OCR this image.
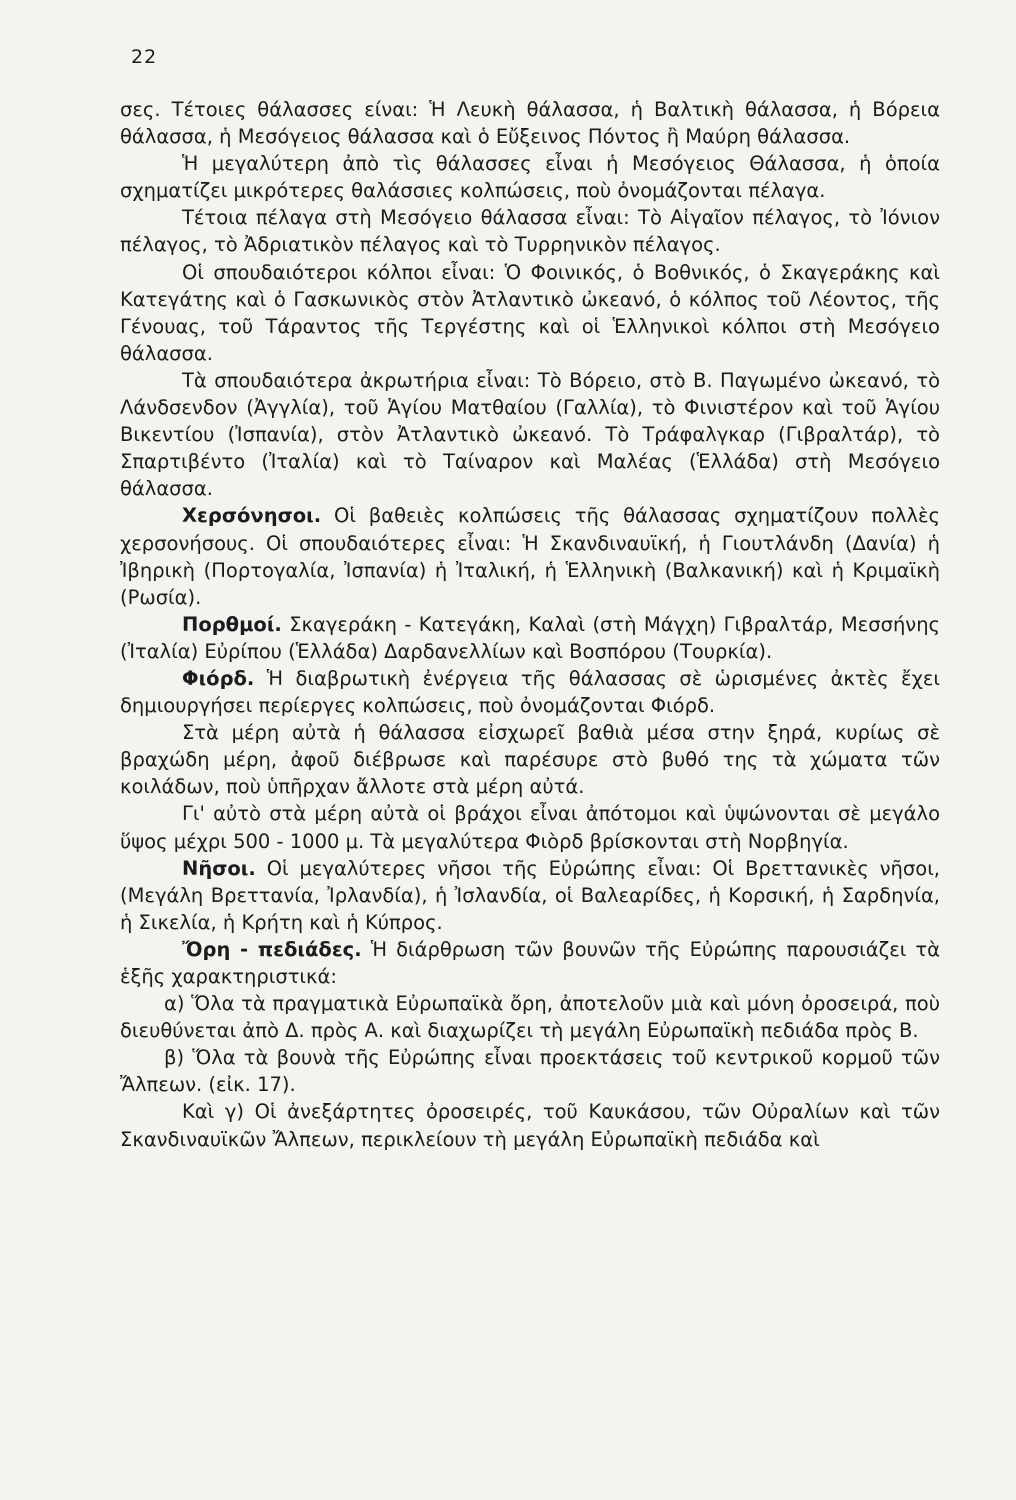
22

σες. Τέτοιες θάλασσες είναι: Ἡ Λευκὴ θάλασσα, ἡ Βαλτικὴ θάλασσα, ἡ Βόρεια θάλασσα, ἡ Μεσόγειος θάλασσα καὶ ὁ Εὔξεινος Πόντος ἢ Μαύρη θάλασσα.

Ἡ μεγαλύτερη ἀπὸ τὶς θάλασσες εἶναι ἡ Μεσόγειος Θάλασσα, ἡ ὁποία σχηματίζει μικρότερες θαλάσσιες κολπώσεις, ποὺ ὀνομάζονται πέλαγα.

Τέτοια πέλαγα στὴ Μεσόγειο θάλασσα εἶναι: Τὸ Αἰγαῖον πέλαγος, τὸ Ἰόνιον πέλαγος, τὸ Ἀδριατικὸν πέλαγος καὶ τὸ Τυρρηνικὸν πέλαγος.

Οἱ σπουδαιότεροι κόλποι εἶναι: Ὁ Φοινικός, ὁ Βοθνικός, ὁ Σκαγεράκης καὶ Κατεγάτης καὶ ὁ Γασκωνικὸς στὸν Ἀτλαντικὸ ὠκεανό, ὁ κόλπος τοῦ Λέοντος, τῆς Γένουας, τοῦ Τάραντος τῆς Τεργέστης καὶ οἱ Ἑλληνικοὶ κόλποι στὴ Μεσόγειο θάλασσα.

Τὰ σπουδαιότερα ἀκρωτήρια εἶναι: Τὸ Βόρειο, στὸ Β. Παγωμένο ὠκεανό, τὸ Λάνδσενδον (Ἀγγλία), τοῦ Ἁγίου Ματθαίου (Γαλλία), τὸ Φινιστέρον καὶ τοῦ Ἁγίου Βικεντίου (Ἰσπανία), στὸν Ἀτλαντικὸ ὠκεανό. Τὸ Τράφαλγκαρ (Γιβραλτάρ), τὸ Σπαρτιβέντο (Ἰταλία) καὶ τὸ Ταίναρον καὶ Μαλέας (Ἑλλάδα) στὴ Μεσόγειο θάλασσα.

Χερσόνησοι. Οἱ βαθειὲς κολπώσεις τῆς θάλασσας σχηματίζουν πολλὲς χερσονήσους. Οἱ σπουδαιότερες εἶναι: Ἡ Σκανδιναυϊκή, ἡ Γιουτλάνδη (Δανία) ἡ Ἰβηρικὴ (Πορτογαλία, Ἰσπανία) ἡ Ἰταλική, ἡ Ἑλληνικὴ (Βαλκανική) καὶ ἡ Κριμαϊκὴ (Ρωσία).

Πορθμοί. Σκαγεράκη - Κατεγάκη, Καλαὶ (στὴ Μάγχη) Γιβραλτάρ, Μεσσήνης (Ἰταλία) Εὐρίπου (Ἑλλάδα) Δαρδανελλίων καὶ Βοσπόρου (Τουρκία).

Φιόρδ. Ἡ διαβρωτικὴ ἐνέργεια τῆς θάλασσας σὲ ὡρισμένες ἀκτὲς ἔχει δημιουργήσει περίεργες κολπώσεις, ποὺ ὀνομάζονται Φιόρδ.

Στὰ μέρη αὐτὰ ἡ θάλασσα εἰσχωρεῖ βαθιὰ μέσα στην ξηρά, κυρίως σὲ βραχώδη μέρη, ἀφοῦ διέβρωσε καὶ παρέσυρε στὸ βυθό της τὰ χώματα τῶν κοιλάδων, ποὺ ὑπῆρχαν ἄλλοτε στὰ μέρη αὐτά.

Γι' αὐτὸ στὰ μέρη αὐτὰ οἱ βράχοι εἶναι ἀπότομοι καὶ ὑψώνονται σὲ μεγάλο ὕψος μέχρι 500 - 1000 μ. Τὰ μεγαλύτερα Φιὸρδ βρίσκονται στὴ Νορβηγία.

Νῆσοι. Οἱ μεγαλύτερες νῆσοι τῆς Εὐρώπης εἶναι: Οἱ Βρεττανικὲς νῆσοι, (Μεγάλη Βρεττανία, Ἰρλανδία), ἡ Ἰσλανδία, οἱ Βαλεαρίδες, ἡ Κορσική, ἡ Σαρδηνία, ἡ Σικελία, ἡ Κρήτη καὶ ἡ Κύπρος.

Ὄρη - πεδιάδες. Ἡ διάρθρωση τῶν βουνῶν τῆς Εὐρώπης παρουσιάζει τὰ ἑξῆς χαρακτηριστικά:

α) Ὅλα τὰ πραγματικὰ Εὐρωπαϊκὰ ὄρη, ἀποτελοῦν μιὰ καὶ μόνη ὀροσειρά, ποὺ διευθύνεται ἀπὸ Δ. πρὸς Α. καὶ διαχωρίζει τὴ μεγάλη Εὐρωπαϊκὴ πεδιάδα πρὸς Β.

β) Ὅλα τὰ βουνὰ τῆς Εὐρώπης εἶναι προεκτάσεις τοῦ κεντρικοῦ κορμοῦ τῶν Ἄλπεων. (εἰκ. 17).

Καὶ γ) Οἱ ἀνεξάρτητες ὀροσειρές, τοῦ Καυκάσου, τῶν Οὐραλίων καὶ τῶν Σκανδιναυϊκῶν Ἄλπεων, περικλείουν τὴ μεγάλη Εὐρωπαϊκὴ πεδιάδα καὶ
